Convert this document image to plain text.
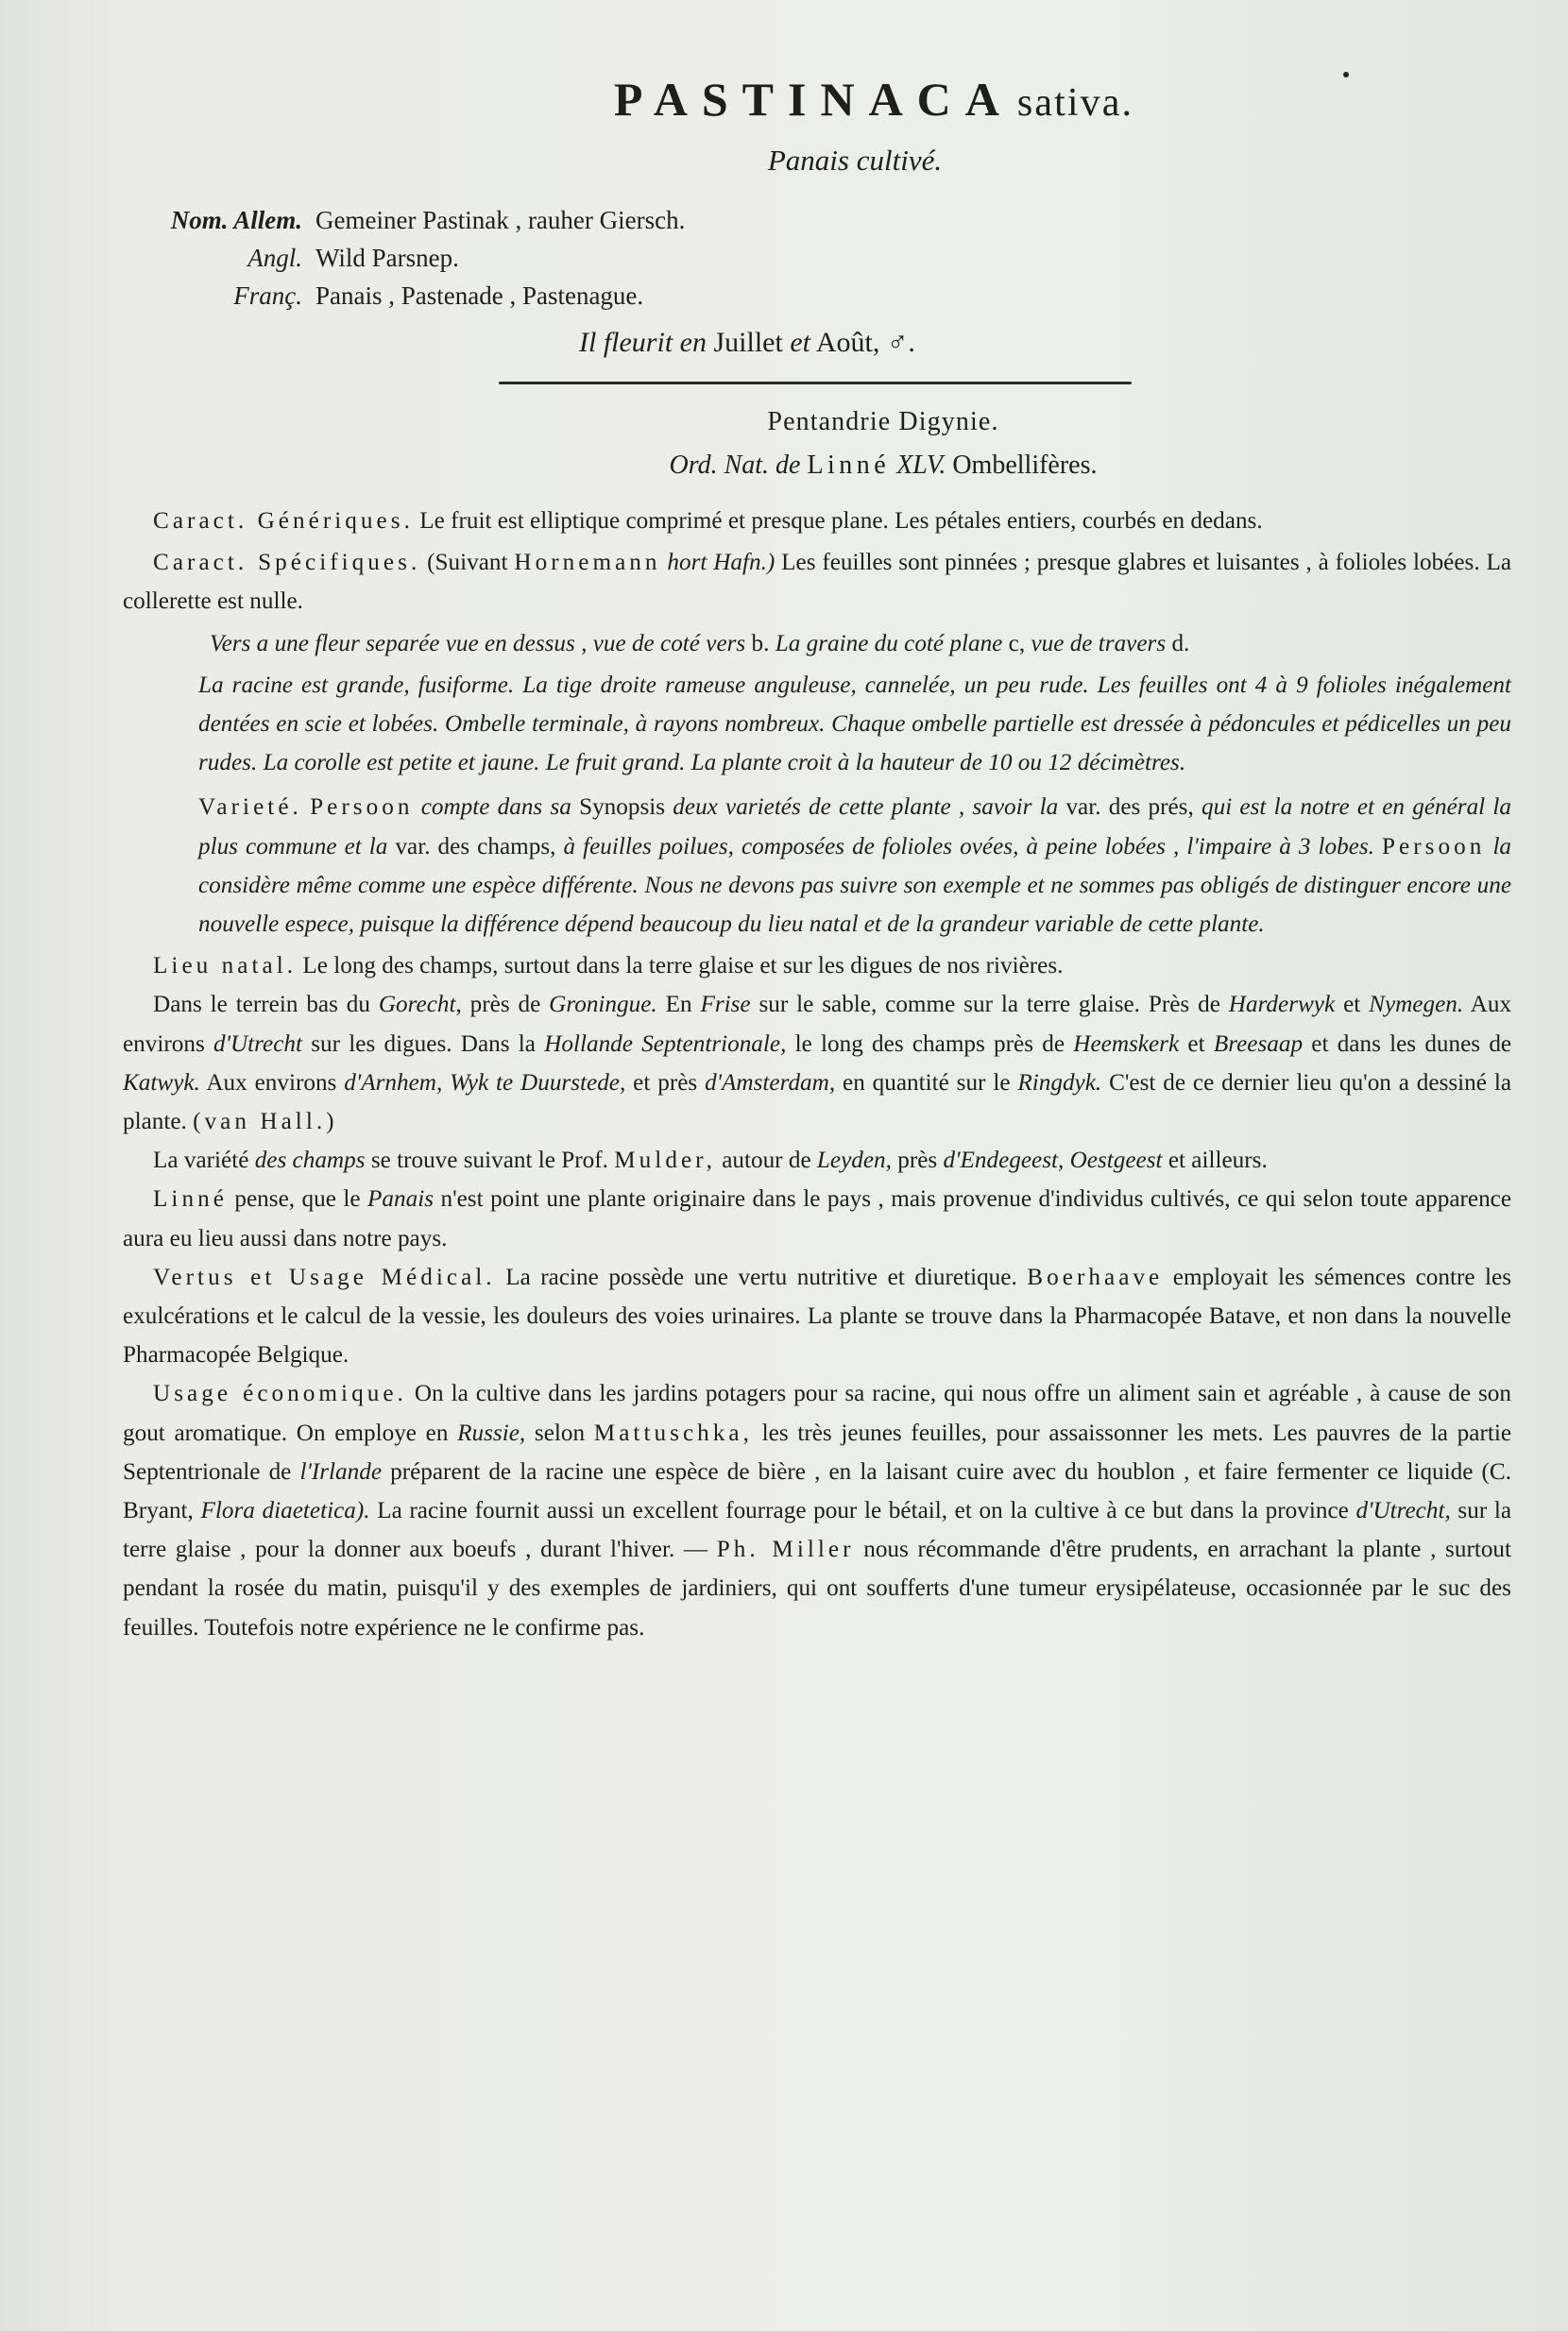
PASTINACA sativa.
Panais cultivé.
Nom. Allem. Gemeiner Pastinak , rauher Giersch.
Angl. Wild Parsnep.
Franç. Panais , Pastenade , Pastenague.
Il fleurit en Juillet et Août, ♂.
Pentandrie Digynie.
Ord. Nat. de Linné XLV. Ombellifères.

Caract. Génériques. Le fruit est elliptique comprimé et presque plane. Les pétales entiers, courbés en dedans.

Caract. Spécifiques. (Suivant Hornemann hort Hafn.) Les feuilles sont pinnées ; presque glabres et luisantes , à folioles lobées. La collerette est nulle.

Vers a une fleur separée vue en dessus , vue de coté vers b. La graine du coté plane c, vue de travers d.

La racine est grande, fusiforme. La tige droite rameuse anguleuse, cannelée, un peu rude. Les feuilles ont 4 à 9 folioles inégalement dentées en scie et lobées. Ombelle terminale, à rayons nombreux. Chaque ombelle partielle est dressée à pédoncules et pédicelles un peu rudes. La corolle est petite et jaune. Le fruit grand. La plante croit à la hauteur de 10 ou 12 décimètres.

Varieté. Persoon compte dans sa Synopsis deux varietés de cette plante , savoir la var. des prés, qui est la notre et en général la plus commune et la var. des champs, à feuilles poilues, composées de folioles ovées, à peine lobées , l'impaire à 3 lobes. Persoon la considère même comme une espèce différente. Nous ne devons pas suivre son exemple et ne sommes pas obligés de distinguer encore une nouvelle espece, puisque la différence dépend beaucoup du lieu natal et de la grandeur variable de cette plante.

Lieu natal. Le long des champs, surtout dans la terre glaise et sur les digues de nos rivières.

Dans le terrein bas du Gorecht, près de Groningue. En Frise sur le sable, comme sur la terre glaise. Près de Harderwyk et Nymegen. Aux environs d'Utrecht sur les digues. Dans la Hollande Septentrionale, le long des champs près de Heemskerk et Breesaap et dans les dunes de Katwyk. Aux environs d'Arnhem, Wyk te Duurstede, et près d'Amsterdam, en quantité sur le Ringdyk. C'est de ce dernier lieu qu'on a dessiné la plante. (van Hall.)

La variété des champs se trouve suivant le Prof. Mulder, autour de Leyden, près d'Endegeest, Oestgeest et ailleurs.

Linné pense, que le Panais n'est point une plante originaire dans le pays , mais provenue d'individus cultivés, ce qui selon toute apparence aura eu lieu aussi dans notre pays.

Vertus et Usage Médical. La racine possède une vertu nutritive et diuretique. Boerhaave employait les sémences contre les exulcérations et le calcul de la vessie, les douleurs des voies urinaires. La plante se trouve dans la Pharmacopée Batave, et non dans la nouvelle Pharmacopée Belgique.

Usage économique. On la cultive dans les jardins potagers pour sa racine, qui nous offre un aliment sain et agréable , à cause de son gout aromatique. On employe en Russie, selon Mattuschka, les très jeunes feuilles, pour assaissonner les mets. Les pauvres de la partie Septentrionale de l'Irlande préparent de la racine une espèce de bière , en la laisant cuire avec du houblon , et faire fermenter ce liquide (C. Bryant, Flora diaetetica). La racine fournit aussi un excellent fourrage pour le bétail, et on la cultive à ce but dans la province d'Utrecht, sur la terre glaise , pour la donner aux boeufs , durant l'hiver. — Ph. Miller nous récommande d'être prudents, en arrachant la plante , surtout pendant la rosée du matin, puisqu'il y des exemples de jardiniers, qui ont soufferts d'une tumeur erysipélateuse, occasionnée par le suc des feuilles. Toutefois notre expérience ne le confirme pas.
